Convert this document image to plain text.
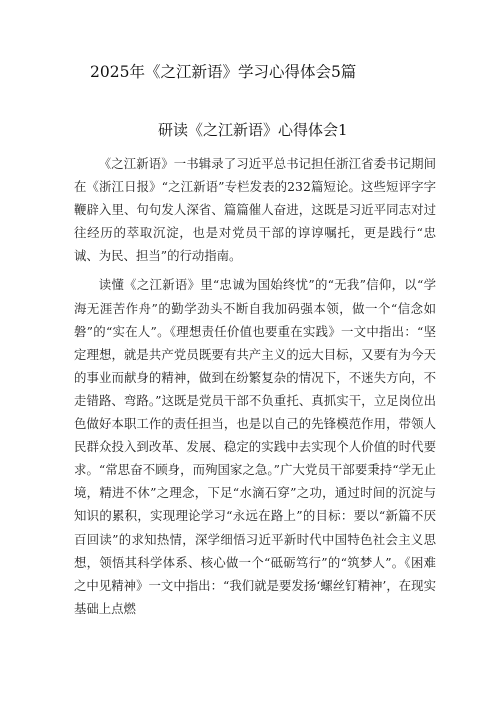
2025年《之江新语》学习心得体会5篇
研读《之江新语》心得体会1

《之江新语》一书辑录了习近平总书记担任浙江省委书记期间在《浙江日报》“之江新语”专栏发表的232篇短论。这些短评字字鞭辟入里、句句发人深省、篇篇催人奋进，这既是习近平同志对过往经历的萃取沉淀，也是对党员干部的谆谆嘱托，更是践行“忠诚、为民、担当”的行动指南。

读懂《之江新语》里“忠诚为国始终忧”的“无我”信仰，以“学海无涯苦作舟”的勤学劲头不断自我加码强本领，做一个“信念如磐”的“实在人”。《理想责任价值也要重在实践》一文中指出：“坚定理想，就是共产党员既要有共产主义的远大目标，又要有为今天的事业而献身的精神，做到在纷繁复杂的情况下，不迷失方向，不走错路、弯路。”这既是党员干部不负重托、真抓实干，立足岗位出色做好本职工作的责任担当，也是以自己的先锋模范作用，带领人民群众投入到改革、发展、稳定的实践中去实现个人价值的时代要求。“常思奋不顾身，而殉国家之急。”广大党员干部要秉持“学无止境，精进不休”之理念，下足“水滴石穿”之功，通过时间的沉淀与知识的累积，实现理论学习“永远在路上”的目标：要以“新篇不厌百回读”的求知热情，深学细悟习近平新时代中国特色社会主义思想，领悟其科学体系、核心做一个“砥砺笃行”的“筑梦人”。《困难之中见精神》一文中指出：“我们就是要发扬‘螺丝钉精神’，在现实基础上点燃
